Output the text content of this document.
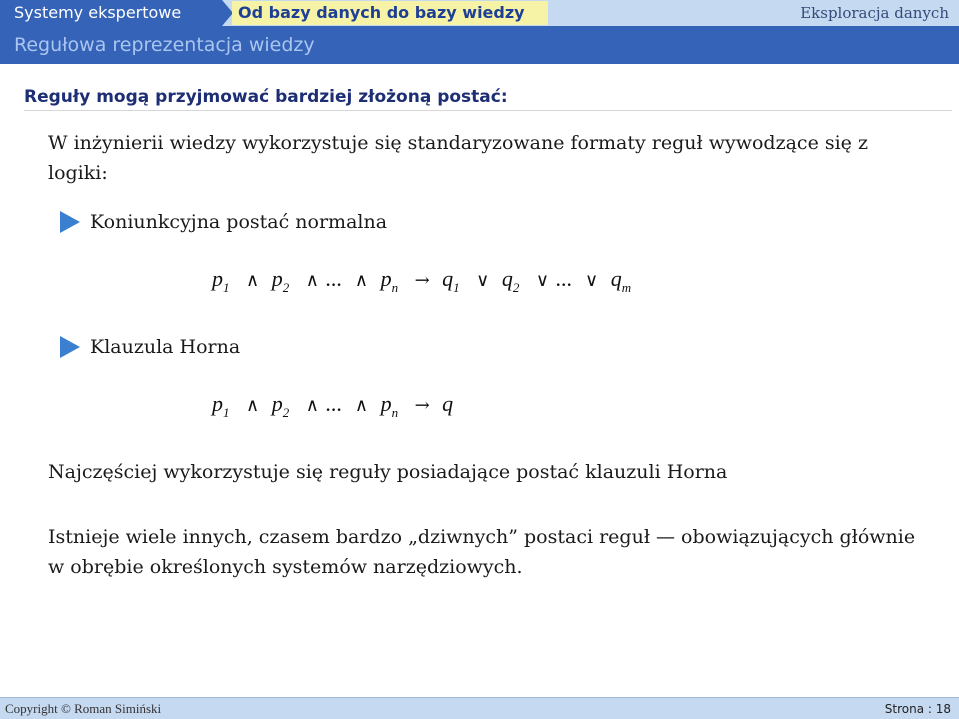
Systemy ekspertowe	Od bazy danych do bazy wiedzy	Eksploracja danych
Regułowa reprezentacja wiedzy
Reguły mogą przyjmować bardziej złożoną postać:
W inżynierii wiedzy wykorzystuje się standaryzowane formaty reguł wywodzące się z logiki:
Koniunkcyjna postać normalna
$p_1$ ∧ $p_2$ ∧ ... ∧ $p_n \to q_1$ ∨ $q_2$ ∨ ... ∨ $q_m$
Klauzula Horna
$p_1$ ∧ $p_2$ ∧ ... ∧ $p_n \to q$
Najczęściej wykorzystuje się reguły posiadające postać klauzuli Horna
Istnieje wiele innych, czasem bardzo „dziwnych” postaci reguł — obowiązujących głównie w obrębie określonych systemów narzędziowych.
Copyright © Roman Simiński	Strona : 18
